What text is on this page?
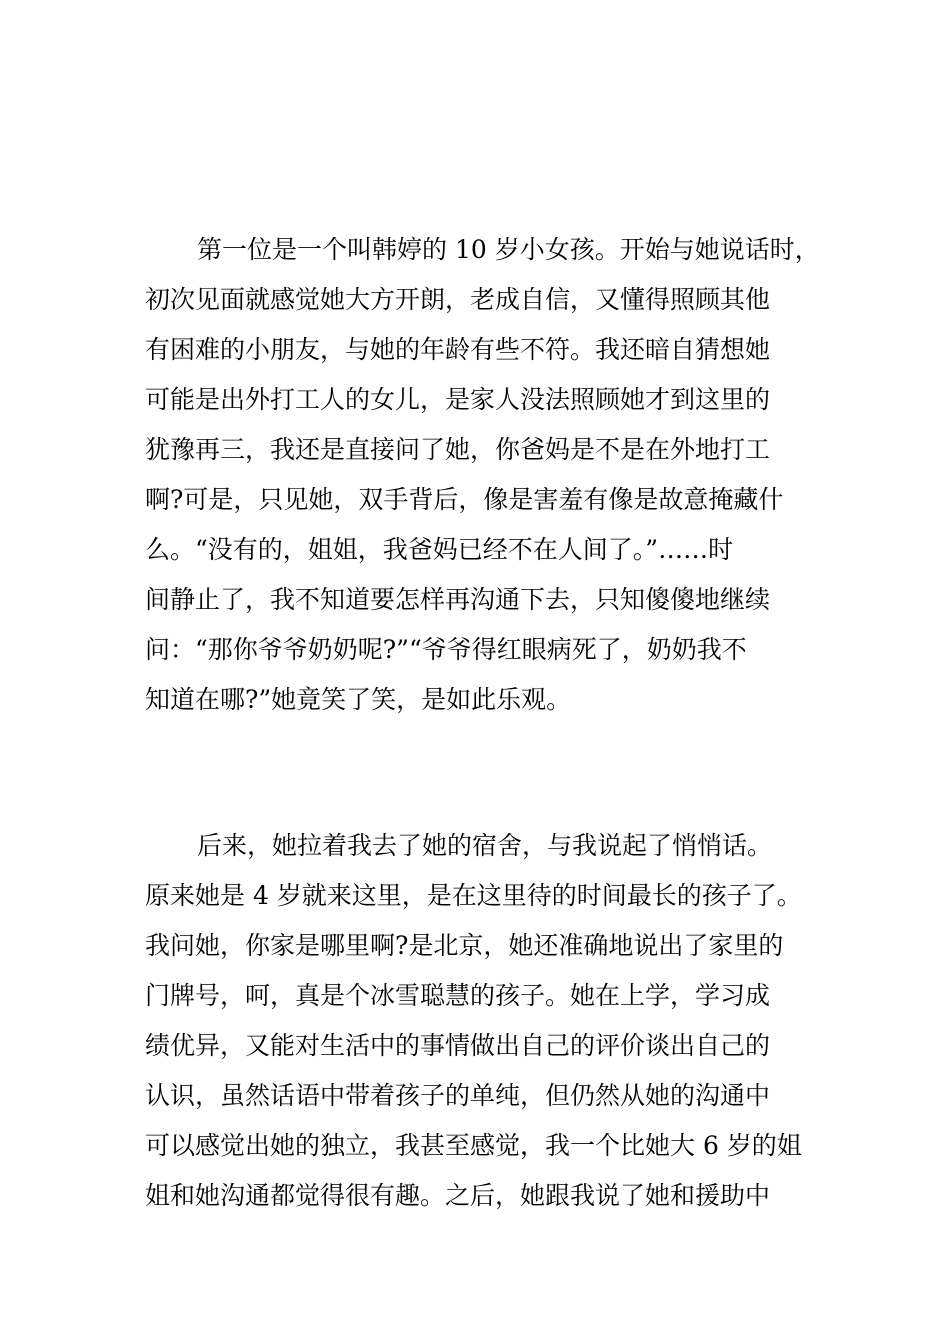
第一位是一个叫韩婷的 10 岁小女孩。开始与她说话时，
初次见面就感觉她大方开朗，老成自信，又懂得照顾其他
有困难的小朋友，与她的年龄有些不符。我还暗自猜想她
可能是出外打工人的女儿，是家人没法照顾她才到这里的
犹豫再三，我还是直接问了她，你爸妈是不是在外地打工
啊?可是，只见她，双手背后，像是害羞有像是故意掩藏什
么。“没有的，姐姐，我爸妈已经不在人间了。”……时
间静止了，我不知道要怎样再沟通下去，只知傻傻地继续
问：“那你爷爷奶奶呢?”“爷爷得红眼病死了，奶奶我不
知道在哪?”她竟笑了笑，是如此乐观。

后来，她拉着我去了她的宿舍，与我说起了悄悄话。
原来她是 4 岁就来这里，是在这里待的时间最长的孩子了。
我问她，你家是哪里啊?是北京，她还准确地说出了家里的
门牌号，呵，真是个冰雪聪慧的孩子。她在上学，学习成
绩优异，又能对生活中的事情做出自己的评价谈出自己的
认识，虽然话语中带着孩子的单纯，但仍然从她的沟通中
可以感觉出她的独立，我甚至感觉，我一个比她大 6 岁的姐
姐和她沟通都觉得很有趣。之后，她跟我说了她和援助中
